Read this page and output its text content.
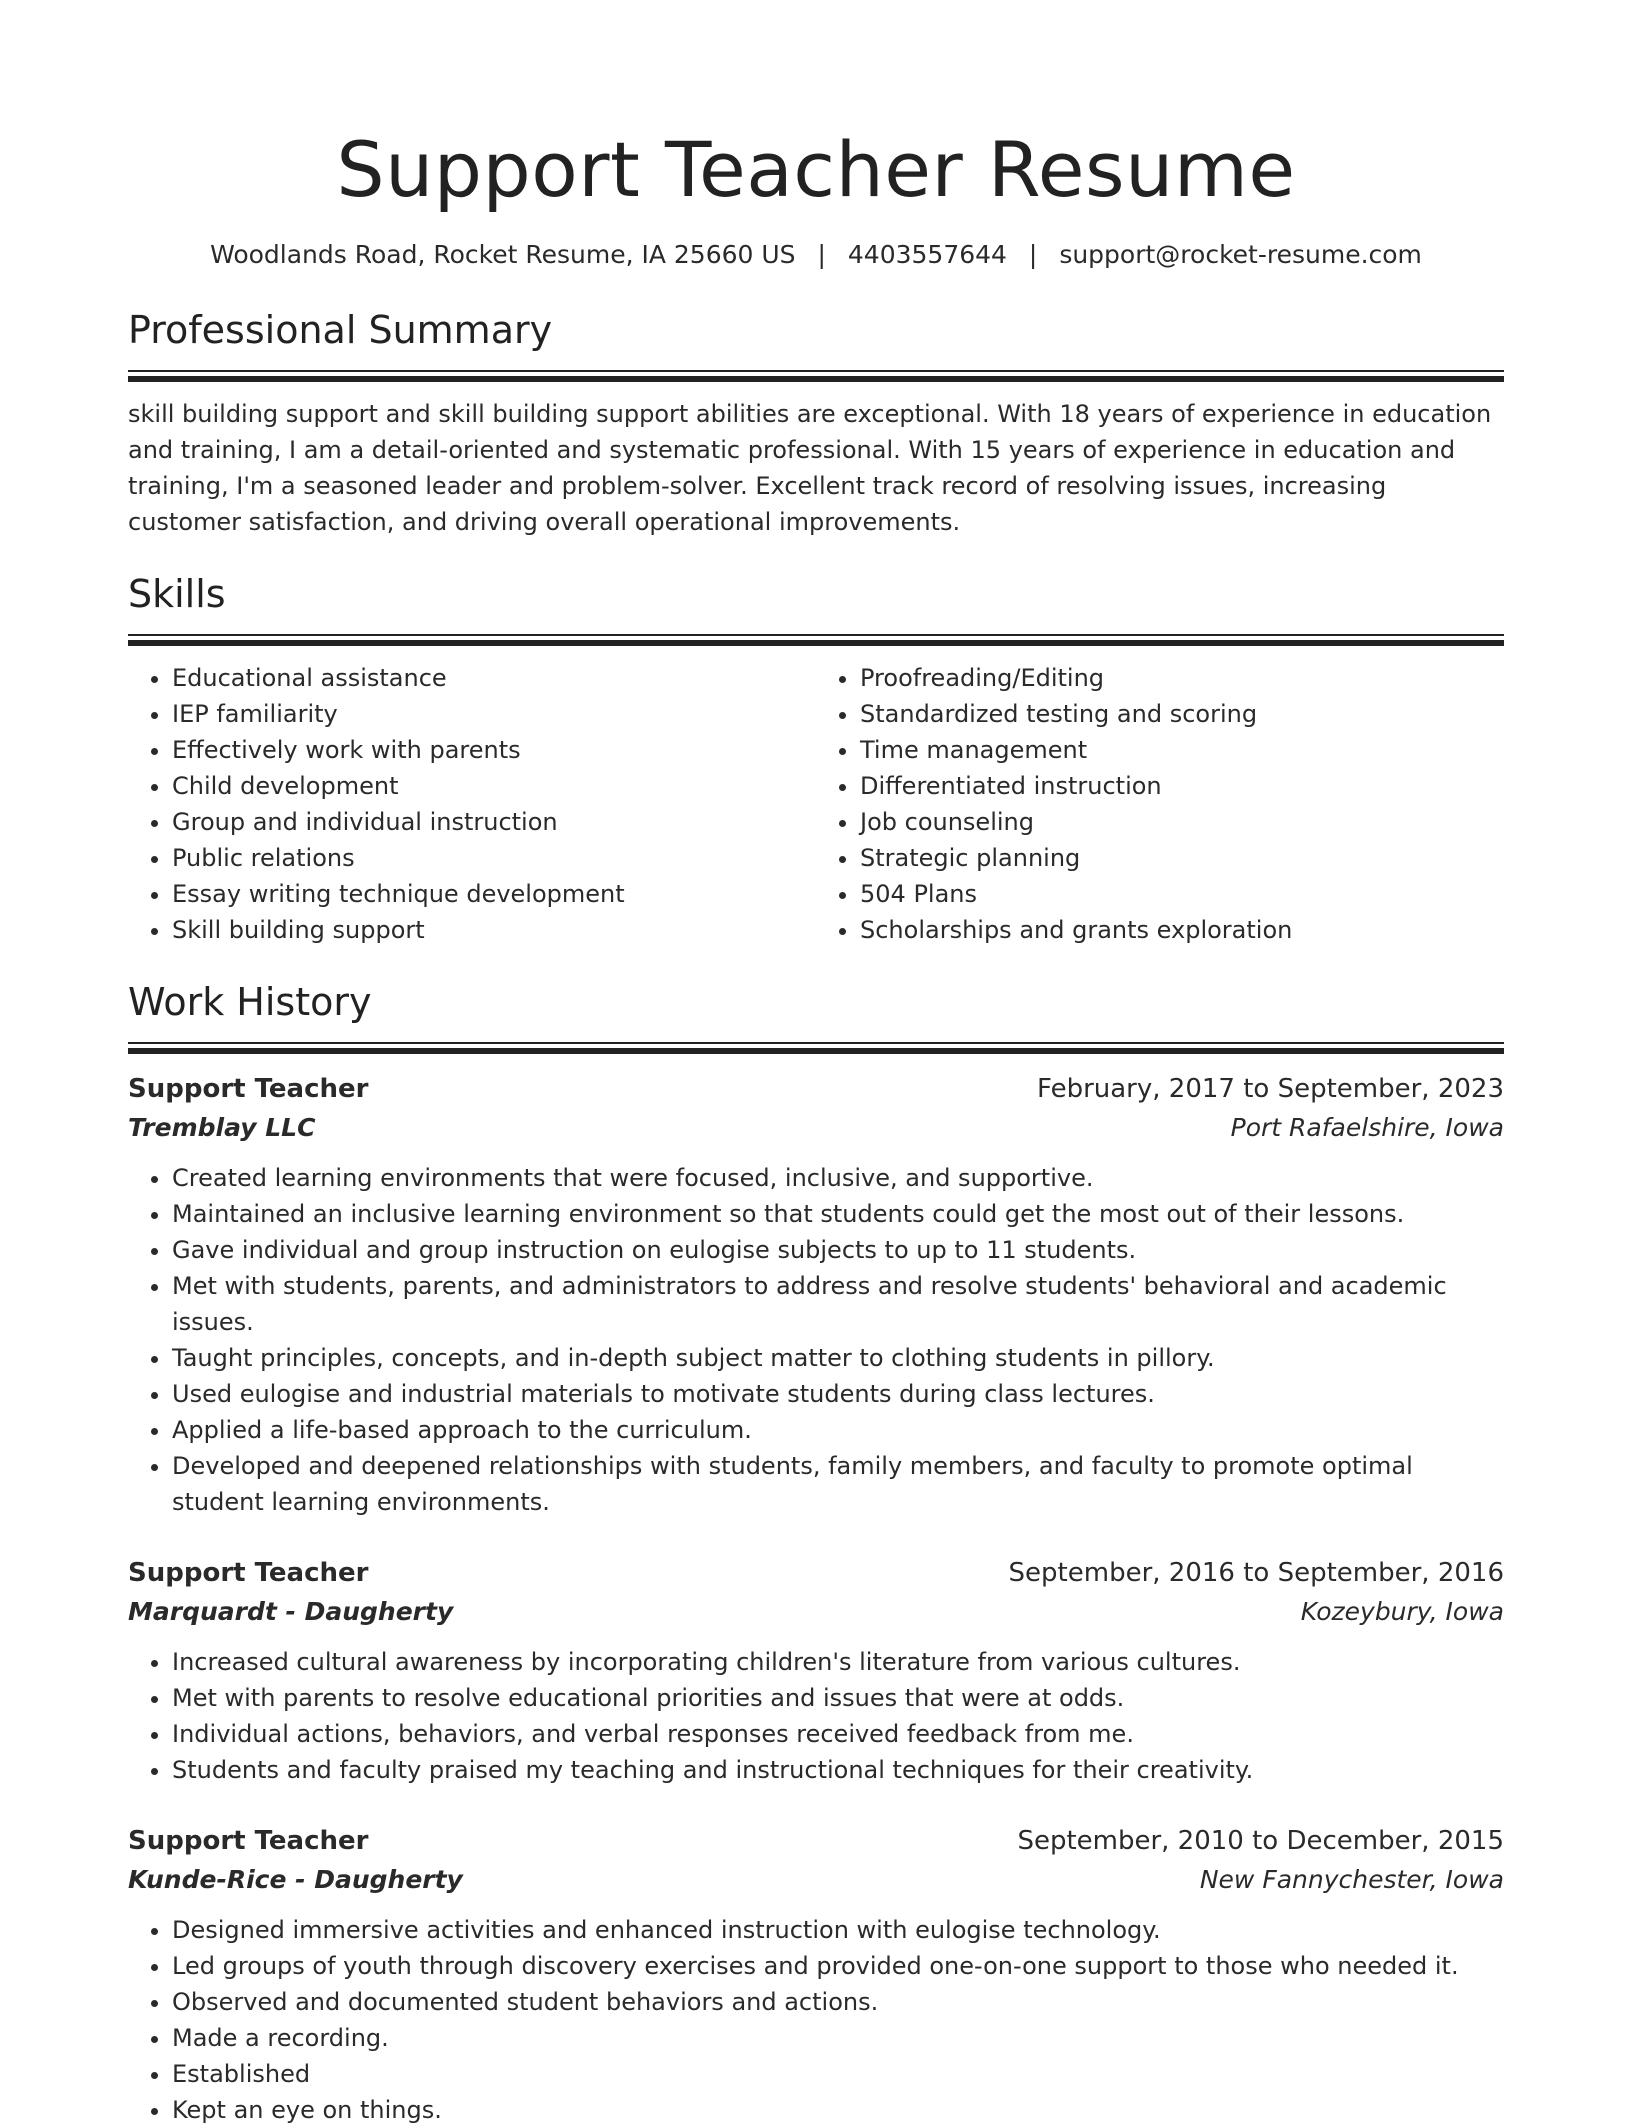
Support Teacher Resume
Woodlands Road, Rocket Resume, IA 25660 US | 4403557644 | support@rocket-resume.com
Professional Summary

skill building support and skill building support abilities are exceptional. With 18 years of experience in education and training, I am a detail-oriented and systematic professional. With 15 years of experience in education and training, I'm a seasoned leader and problem-solver. Excellent track record of resolving issues, increasing customer satisfaction, and driving overall operational improvements.

Skills
• Educational assistance
• IEP familiarity
• Effectively work with parents
• Child development
• Group and individual instruction
• Public relations
• Essay writing technique development
• Skill building support
• Proofreading/Editing
• Standardized testing and scoring
• Time management
• Differentiated instruction
• Job counseling
• Strategic planning
• 504 Plans
• Scholarships and grants exploration
Work History
Support Teacher	February, 2017 to September, 2023
Tremblay LLC	Port Rafaelshire, Iowa
• Created learning environments that were focused, inclusive, and supportive.
• Maintained an inclusive learning environment so that students could get the most out of their lessons.
• Gave individual and group instruction on eulogise subjects to up to 11 students.
• Met with students, parents, and administrators to address and resolve students' behavioral and academic issues.
• Taught principles, concepts, and in-depth subject matter to clothing students in pillory.
• Used eulogise and industrial materials to motivate students during class lectures.
• Applied a life-based approach to the curriculum.
• Developed and deepened relationships with students, family members, and faculty to promote optimal student learning environments.
Support Teacher	September, 2016 to September, 2016
Marquardt - Daugherty	Kozeybury, Iowa
• Increased cultural awareness by incorporating children's literature from various cultures.
• Met with parents to resolve educational priorities and issues that were at odds.
• Individual actions, behaviors, and verbal responses received feedback from me.
• Students and faculty praised my teaching and instructional techniques for their creativity.
Support Teacher	September, 2010 to December, 2015
Kunde-Rice - Daugherty	New Fannychester, Iowa
• Designed immersive activities and enhanced instruction with eulogise technology.
• Led groups of youth through discovery exercises and provided one-on-one support to those who needed it.
• Observed and documented student behaviors and actions.
• Made a recording.
• Established
• Kept an eye on things.
